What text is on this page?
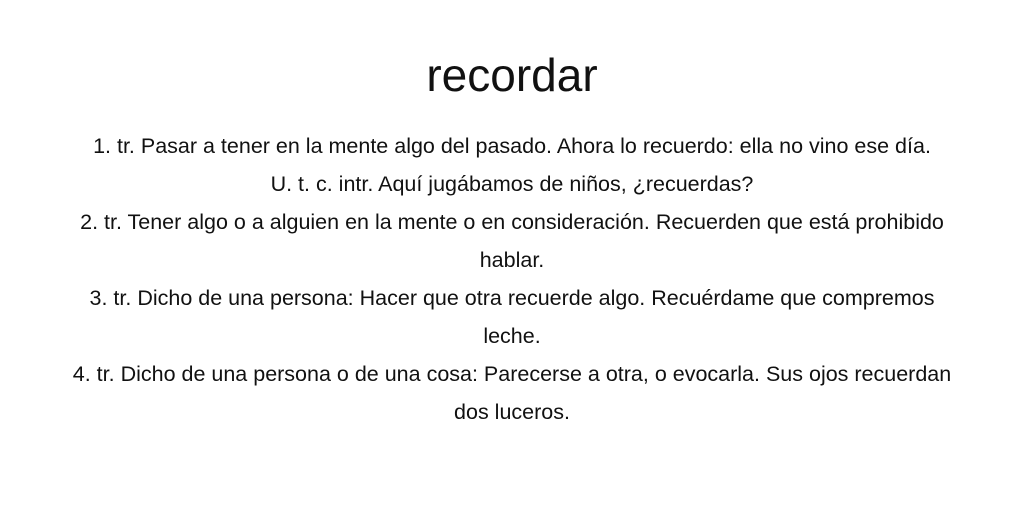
recordar
1. tr. Pasar a tener en la mente algo del pasado. Ahora lo recuerdo: ella no vino ese día. U. t. c. intr. Aquí jugábamos de niños, ¿recuerdas?
2. tr. Tener algo o a alguien en la mente o en consideración. Recuerden que está prohibido hablar.
3. tr. Dicho de una persona: Hacer que otra recuerde algo. Recuérdame que compremos leche.
4. tr. Dicho de una persona o de una cosa: Parecerse a otra, o evocarla. Sus ojos recuerdan dos luceros.
